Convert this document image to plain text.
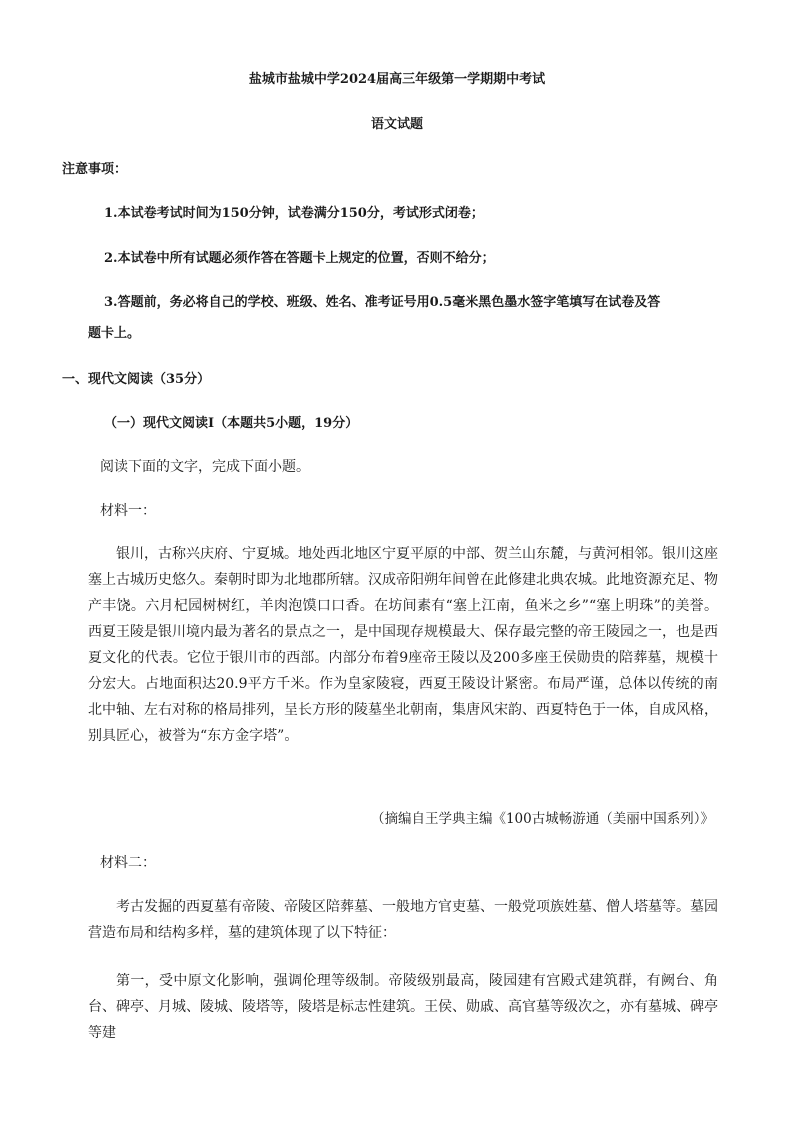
盐城市盐城中学2024届高三年级第一学期期中考试
语文试题
注意事项：
1.本试卷考试时间为150分钟，试卷满分150分，考试形式闭卷；
2.本试卷中所有试题必须作答在答题卡上规定的位置，否则不给分；
3.答题前，务必将自己的学校、班级、姓名、准考证号用0.5毫米黑色墨水签字笔填写在试卷及答
题卡上。
一、现代文阅读（35分）
（一）现代文阅读Ⅰ（本题共5小题，19分）
阅读下面的文字，完成下面小题。
材料一：
银川，古称兴庆府、宁夏城。地处西北地区宁夏平原的中部、贺兰山东麓，与黄河相邻。银川这座塞上古城历史悠久。秦朝时即为北地郡所辖。汉成帝阳朔年间曾在此修建北典农城。此地资源充足、物产丰饶。六月杞园树树红，羊肉泡馍口口香。在坊间素有“塞上江南，鱼米之乡”“塞上明珠”的美誉。西夏王陵是银川境内最为著名的景点之一，是中国现存规模最大、保存最完整的帝王陵园之一，也是西夏文化的代表。它位于银川市的西部。内部分布着9座帝王陵以及200多座王侯勋贵的陪葬墓，规模十分宏大。占地面积达20.9平方千米。作为皇家陵寝，西夏王陵设计紧密。布局严谨，总体以传统的南北中轴、左右对称的格局排列，呈长方形的陵墓坐北朝南，集唐风宋韵、西夏特色于一体，自成风格，别具匠心，被誉为“东方金字塔”。
（摘编自王学典主编《100古城畅游通（美丽中国系列）》
材料二：
考古发掘的西夏墓有帝陵、帝陵区陪葬墓、一般地方官吏墓、一般党项族姓墓、僧人塔墓等。墓园营造布局和结构多样，墓的建筑体现了以下特征：
第一，受中原文化影响，强调伦理等级制。帝陵级别最高，陵园建有宫殿式建筑群，有阙台、角台、碑亭、月城、陵城、陵塔等，陵塔是标志性建筑。王侯、勋戚、高官墓等级次之，亦有墓城、碑亭等建
